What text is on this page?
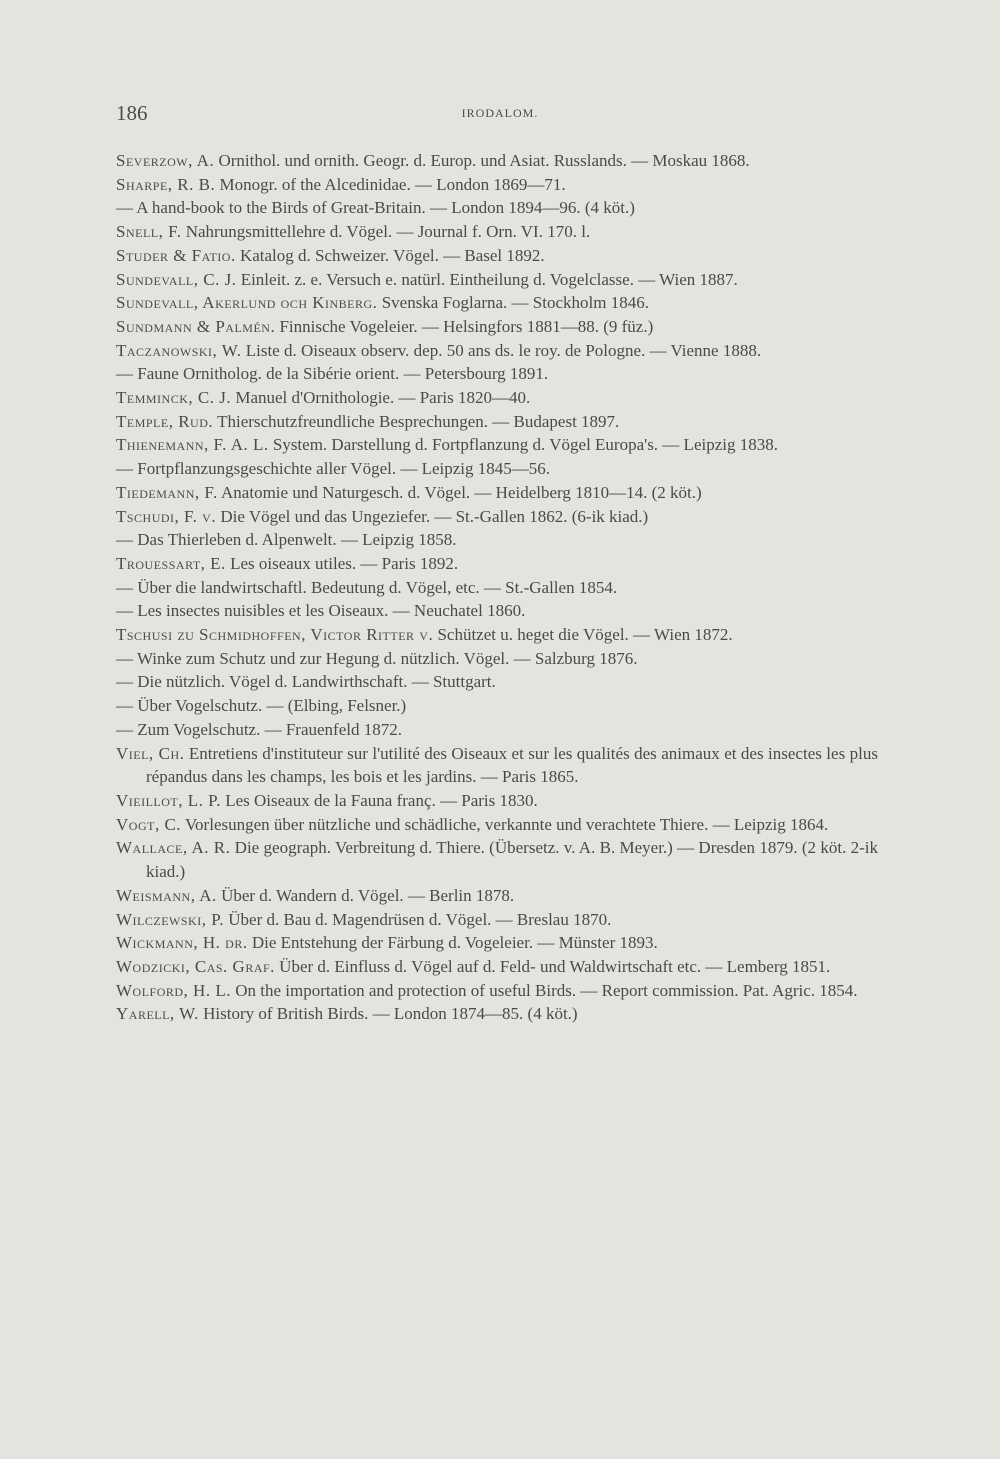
186	IRODALOM.
Severzow, A. Ornithol. und ornith. Geogr. d. Europ. und Asiat. Russlands. — Moskau 1868.
Sharpe, R. B. Monogr. of the Alcedinidae. — London 1869—71.
— A hand-book to the Birds of Great-Britain. — London 1894—96. (4 köt.)
Snell, F. Nahrungsmittellehre d. Vögel. — Journal f. Orn. VI. 170. l.
Studer & Fatio. Katalog d. Schweizer. Vögel. — Basel 1892.
Sundevall, C. J. Einleit. z. e. Versuch e. natürl. Eintheilung d. Vogelclasse. — Wien 1887.
Sundevall, Akerlund och Kinberg. Svenska Foglarna. — Stockholm 1846.
Sundmann & Palmén. Finnische Vogeleier. — Helsingfors 1881—88. (9 füz.)
Taczanowski, W. Liste d. Oiseaux observ. dep. 50 ans ds. le roy. de Pologne. — Vienne 1888.
— Faune Ornitholog. de la Sibérie orient. — Petersbourg 1891.
Temminck, C. J. Manuel d'Ornithologie. — Paris 1820—40.
Temple, Rud. Thierschutzfreundliche Besprechungen. — Budapest 1897.
Thienemann, F. A. L. System. Darstellung d. Fortpflanzung d. Vögel Europa's. — Leipzig 1838.
— Fortpflanzungsgeschichte aller Vögel. — Leipzig 1845—56.
Tiedemann, F. Anatomie und Naturgesch. d. Vögel. — Heidelberg 1810—14. (2 köt.)
Tschudi, F. v. Die Vögel und das Ungeziefer. — St.-Gallen 1862. (6-ik kiad.)
— Das Thierleben d. Alpenwelt. — Leipzig 1858.
Trouessart, E. Les oiseaux utiles. — Paris 1892.
— Über die landwirtschaftl. Bedeutung d. Vögel, etc. — St.-Gallen 1854.
— Les insectes nuisibles et les Oiseaux. — Neuchatel 1860.
Tschusi zu Schmidhoffen, Victor Ritter v. Schützet u. heget die Vögel. — Wien 1872.
— Winke zum Schutz und zur Hegung d. nützlich. Vögel. — Salzburg 1876.
— Die nützlich. Vögel d. Landwirthschaft. — Stuttgart.
— Über Vogelschutz. — (Elbing, Felsner.)
— Zum Vogelschutz. — Frauenfeld 1872.
Viel, Ch. Entretiens d'instituteur sur l'utilité des Oiseaux et sur les qualités des animaux et des insectes les plus répandus dans les champs, les bois et les jardins. — Paris 1865.
Vieillot, L. P. Les Oiseaux de la Fauna franç. — Paris 1830.
Vogt, C. Vorlesungen über nützliche und schädliche, verkannte und verachtete Thiere. — Leipzig 1864.
Wallace, A. R. Die geograph. Verbreitung d. Thiere. (Übersetz. v. A. B. Meyer.) — Dresden 1879. (2 köt. 2-ik kiad.)
Weismann, A. Über d. Wandern d. Vögel. — Berlin 1878.
Wilczewski, P. Über d. Bau d. Magendrüsen d. Vögel. — Breslau 1870.
Wickmann, H. dr. Die Entstehung der Färbung d. Vogeleier. — Münster 1893.
Wodzicki, Cas. Graf. Über d. Einfluss d. Vögel auf d. Feld- und Waldwirtschaft etc. — Lemberg 1851.
Wolford, H. L. On the importation and protection of useful Birds. — Report commission. Pat. Agric. 1854.
Yarell, W. History of British Birds. — London 1874—85. (4 köt.)
